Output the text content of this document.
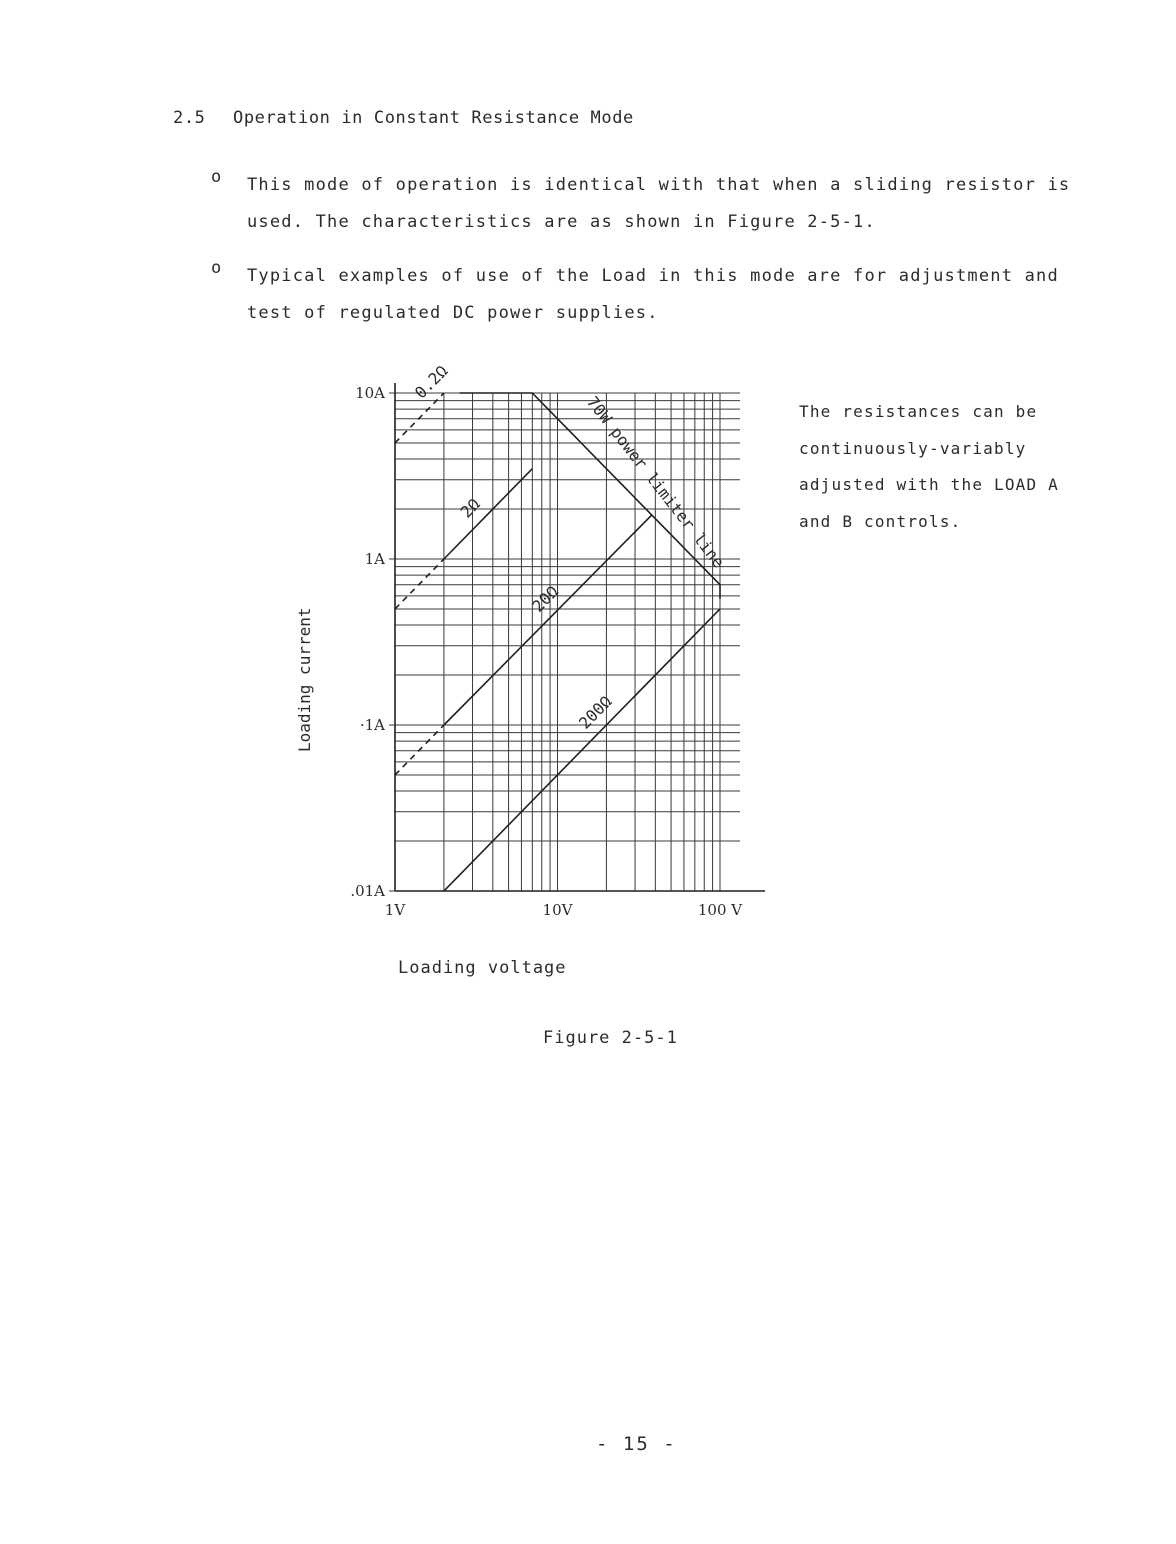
2.5 Operation in Constant Resistance Mode
o This mode of operation is identical with that when a sliding resistor is used. The characteristics are as shown in Figure 2-5-1.
o Typical examples of use of the Load in this mode are for adjustment and test of regulated DC power supplies.
70W power limiter line
0.2Ω
2Ω
20Ω
200Ω
10A
1A
·1A
.01A
1V	10V	100 V
Loading current
The resistances can be continuously-variably adjusted with the LOAD A and B controls.
Loading voltage
Figure 2-5-1
- 15 -
